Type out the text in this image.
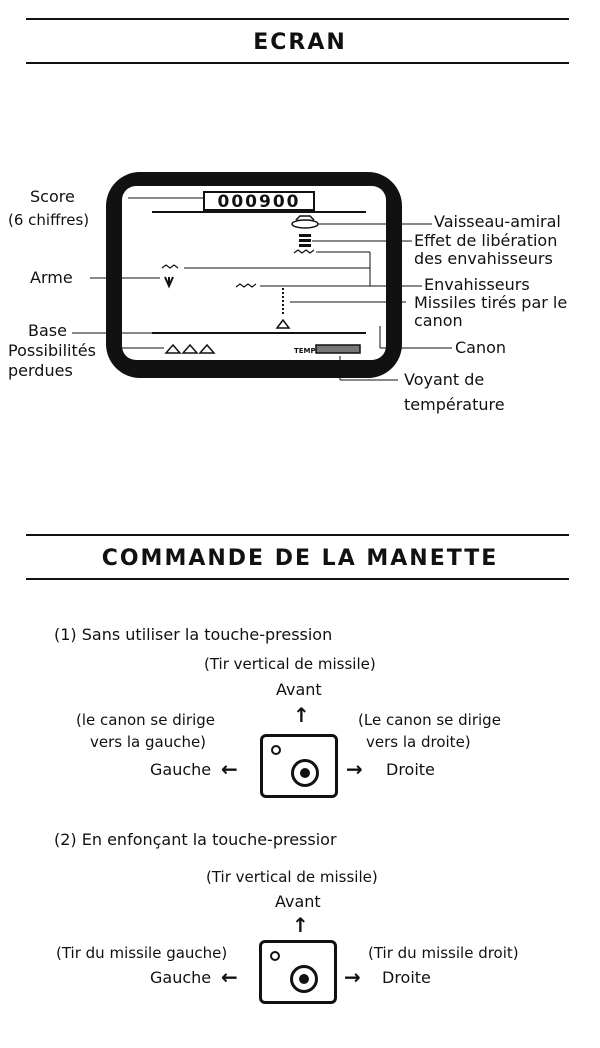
ECRAN
000900
TEMP
Score
(6 chiffres)
Arme
Base
Possibilités
perdues
Vaisseau-amiral
Effet de libération
des envahisseurs
Envahisseurs
Missiles tirés par le
canon
Canon
Voyant de
température
COMMANDE DE LA MANETTE
(1) Sans utiliser la touche-pression
(Tir vertical de missile)
Avant
↑
(le canon se dirige
vers la gauche)
(Le canon se dirige
vers la droite)
Gauche ←	→ Droite
(2) En enfonçant la touche-pressior
(Tir vertical de missile)
Avant
↑
(Tir du missile gauche)	(Tir du missile droit)
Gauche ←	→ Droite
